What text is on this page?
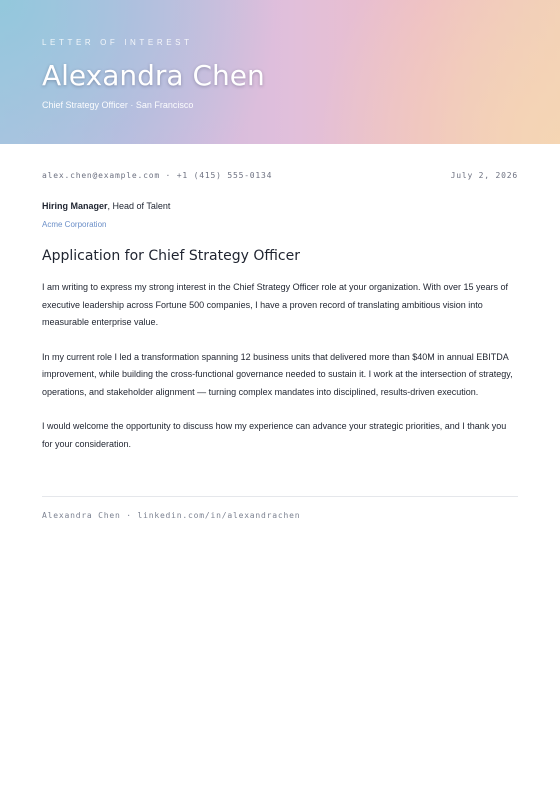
LETTER OF INTEREST
Alexandra Chen
Chief Strategy Officer · San Francisco
alex.chen@example.com · +1 (415) 555-0134	July 2, 2026
Hiring Manager, Head of Talent
Acme Corporation
Application for Chief Strategy Officer

I am writing to express my strong interest in the Chief Strategy Officer role at your organization. With over 15 years of executive leadership across Fortune 500 companies, I have a proven record of translating ambitious vision into measurable enterprise value.

In my current role I led a transformation spanning 12 business units that delivered more than $40M in annual EBITDA improvement, while building the cross-functional governance needed to sustain it. I work at the intersection of strategy, operations, and stakeholder alignment — turning complex mandates into disciplined, results-driven execution.

I would welcome the opportunity to discuss how my experience can advance your strategic priorities, and I thank you for your consideration.

Alexandra Chen · linkedin.com/in/alexandrachen
